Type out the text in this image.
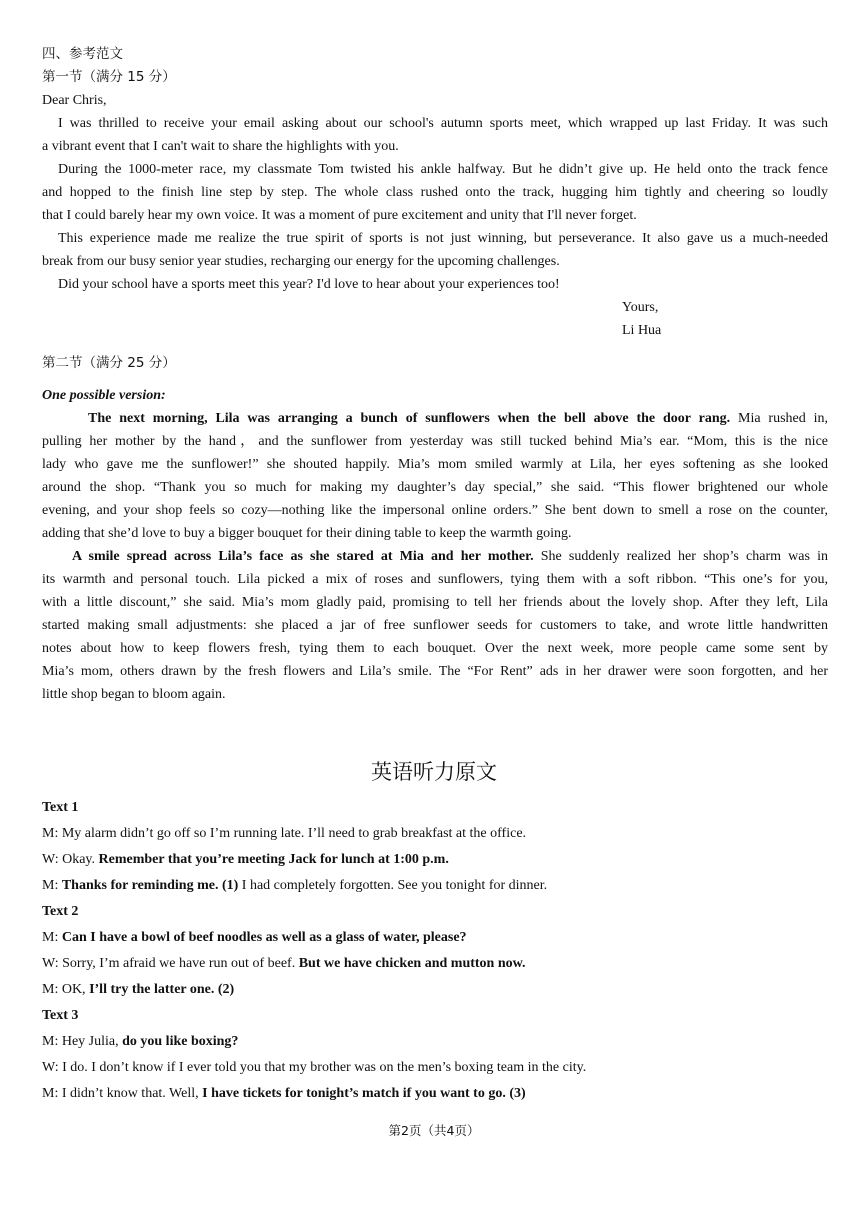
四、参考范文
第一节（满分 15 分）
Dear Chris,
I was thrilled to receive your email asking about our school's autumn sports meet, which wrapped up last Friday. It was such
a vibrant event that I can't wait to share the highlights with you.
During the 1000-meter race, my classmate Tom twisted his ankle halfway. But he didn’t give up. He held onto the track fence
and hopped to the finish line step by step. The whole class rushed onto the track, hugging him tightly and cheering so loudly
that I could barely hear my own voice. It was a moment of pure excitement and unity that I'll never forget.
This experience made me realize the true spirit of sports is not just winning, but perseverance. It also gave us a much-needed
break from our busy senior year studies, recharging our energy for the upcoming challenges.
Did your school have a sports meet this year? I'd love to hear about your experiences too!
Yours,
Li Hua
第二节（满分 25 分）
One possible version:
The next morning, Lila was arranging a bunch of sunflowers when the bell above the door rang. Mia rushed in,
pulling her mother by the hand，and the sunflower from yesterday was still tucked behind Mia’s ear. “Mom, this is the nice
lady who gave me the sunflower!” she shouted happily. Mia’s mom smiled warmly at Lila, her eyes softening as she looked
around the shop. “Thank you so much for making my daughter’s day special,” she said. “This flower brightened our whole
evening, and your shop feels so cozy—nothing like the impersonal online orders.” She bent down to smell a rose on the counter,
adding that she’d love to buy a bigger bouquet for their dining table to keep the warmth going.
A smile spread across Lila’s face as she stared at Mia and her mother. She suddenly realized her shop’s charm was in
its warmth and personal touch. Lila picked a mix of roses and sunflowers, tying them with a soft ribbon. “This one’s for you,
with a little discount,” she said. Mia’s mom gladly paid, promising to tell her friends about the lovely shop. After they left, Lila
started making small adjustments: she placed a jar of free sunflower seeds for customers to take, and wrote little handwritten
notes about how to keep flowers fresh, tying them to each bouquet. Over the next week, more people came some sent by
Mia’s mom, others drawn by the fresh flowers and Lila’s smile. The “For Rent” ads in her drawer were soon forgotten, and her
little shop began to bloom again.
英语听力原文
Text 1
M: My alarm didn’t go off so I’m running late. I’ll need to grab breakfast at the office.
W: Okay. Remember that you’re meeting Jack for lunch at 1:00 p.m.
M: Thanks for reminding me. (1) I had completely forgotten. See you tonight for dinner.
Text 2
M: Can I have a bowl of beef noodles as well as a glass of water, please?
W: Sorry, I’m afraid we have run out of beef. But we have chicken and mutton now.
M: OK, I’ll try the latter one. (2)
Text 3
M: Hey Julia, do you like boxing?
W: I do. I don’t know if I ever told you that my brother was on the men’s boxing team in the city.
M: I didn’t know that. Well, I have tickets for tonight’s match if you want to go. (3)
第2页（共4页）
